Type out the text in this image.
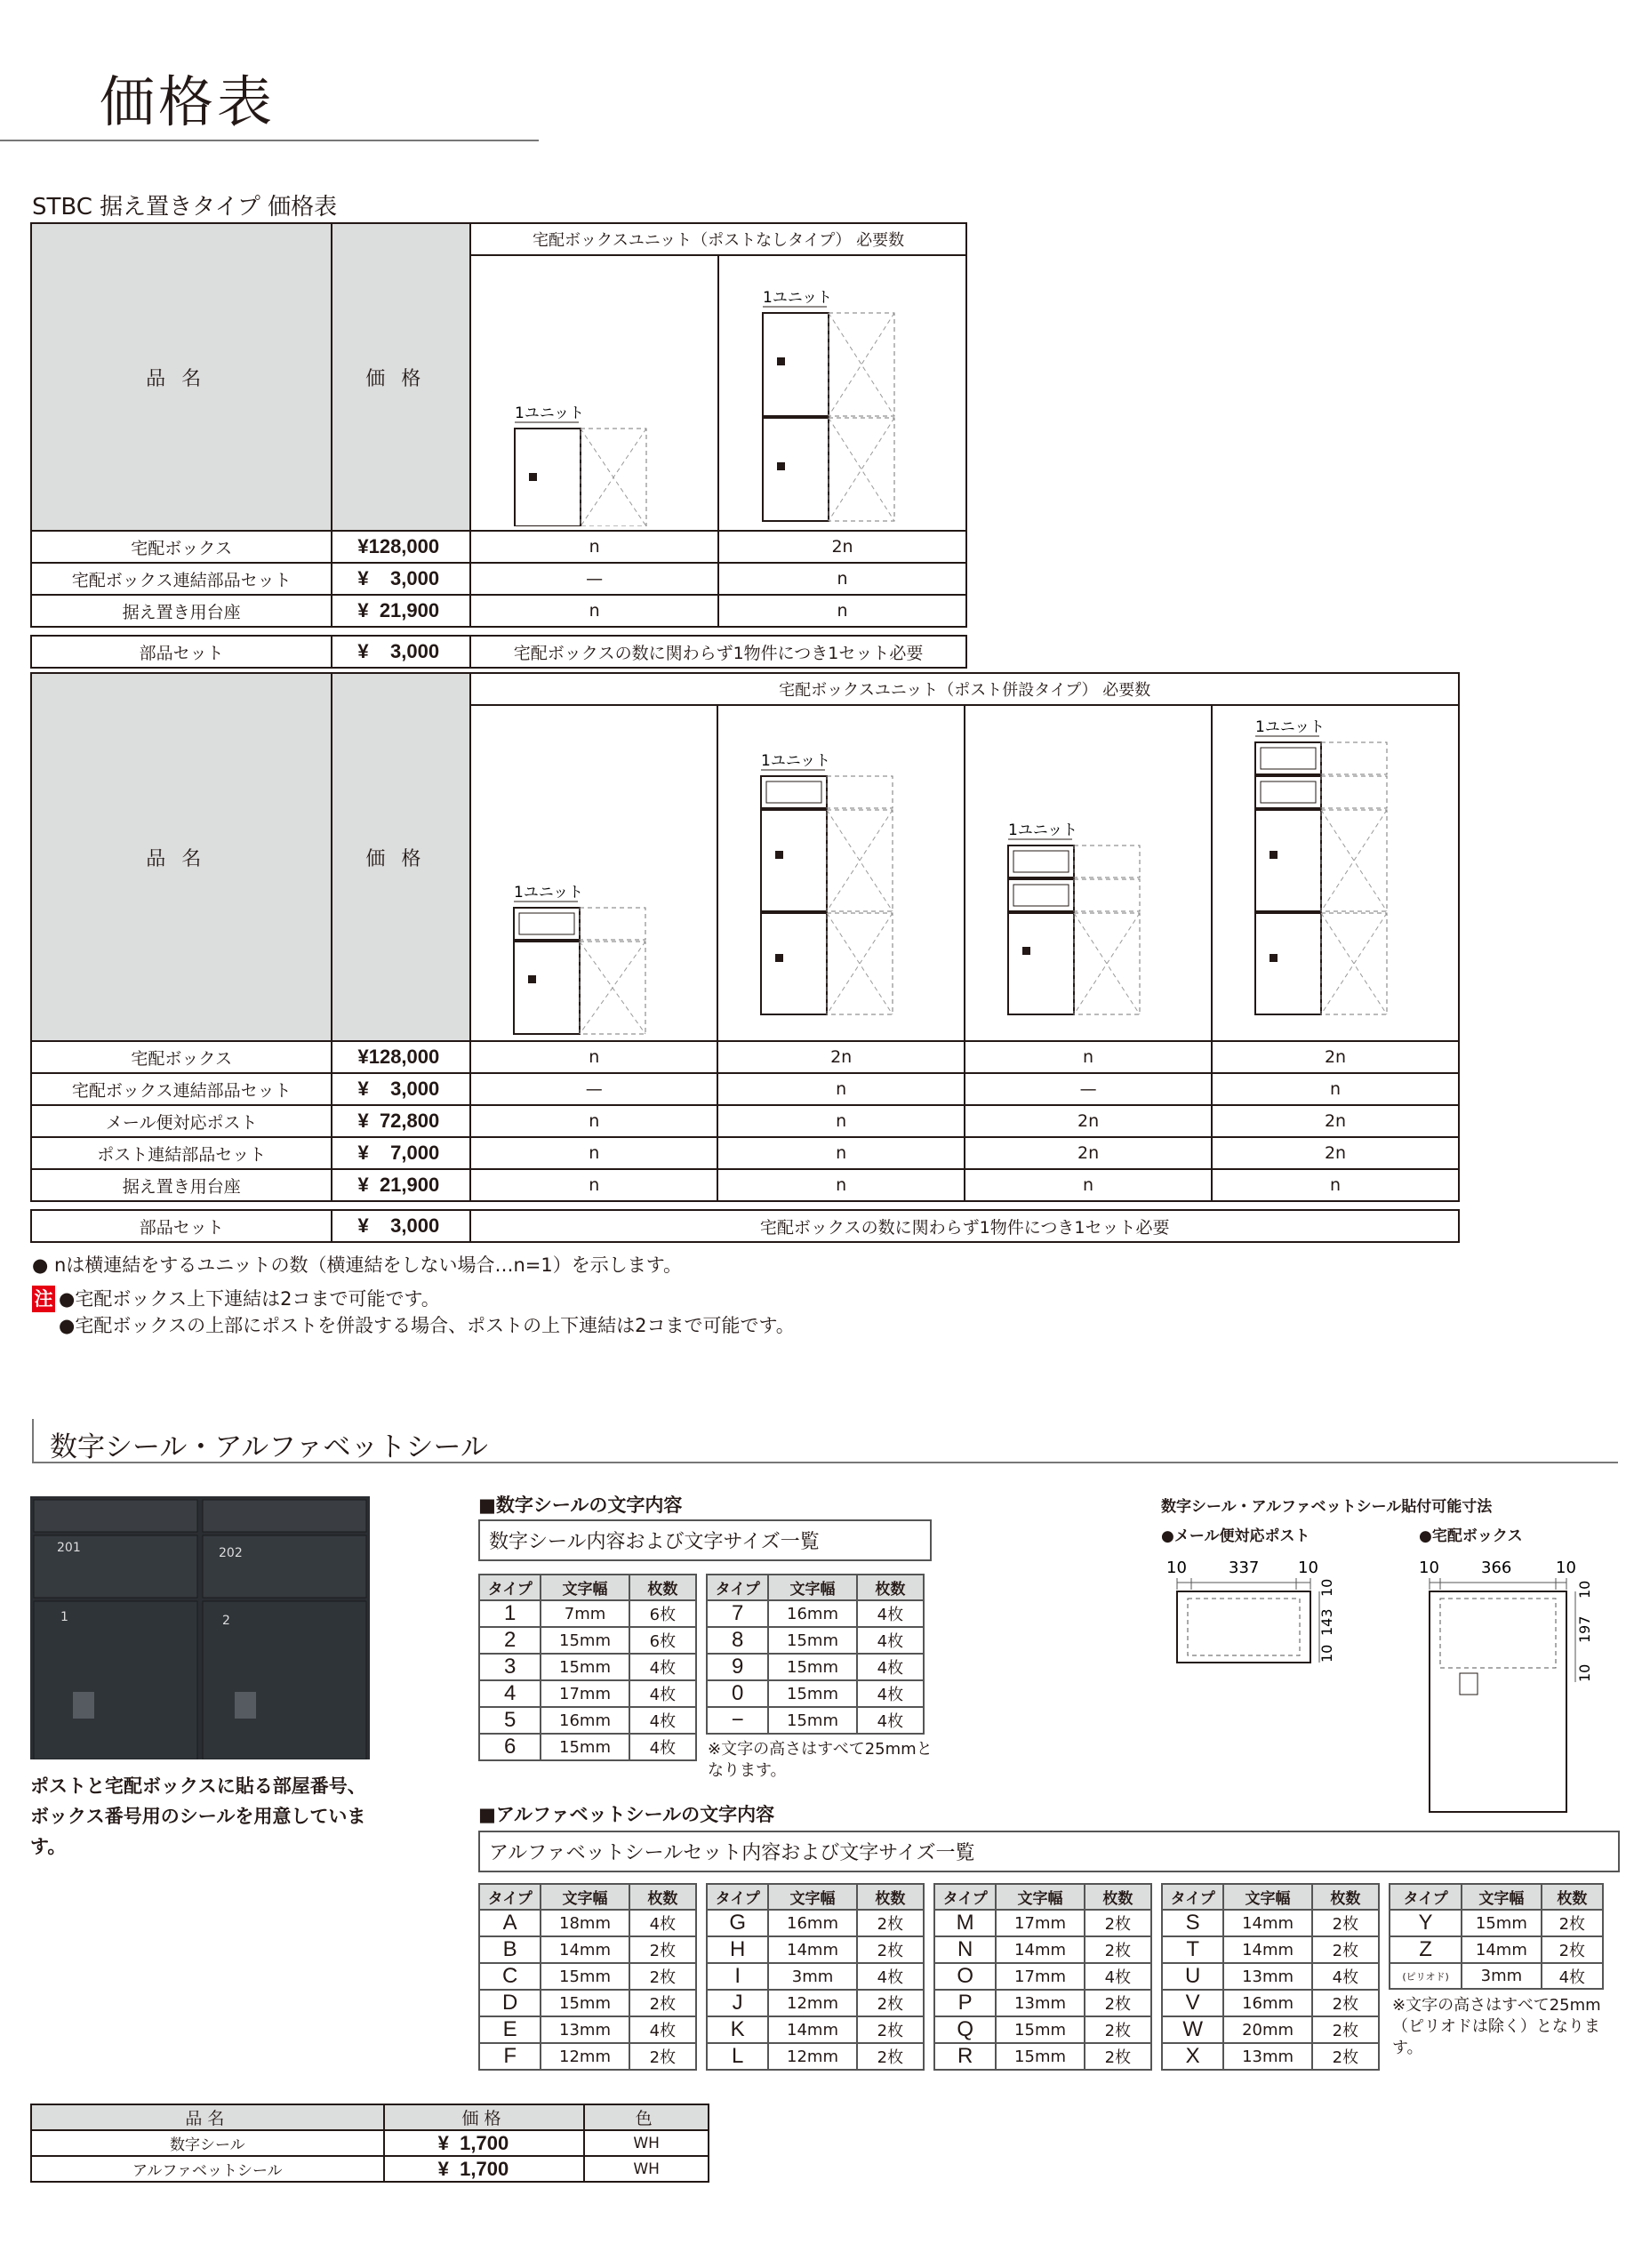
価格表
STBC 据え置きタイプ 価格表
品名	価格	宅配ボックスユニット（ポストなしタイプ） 必要数	

1ユニット	1ユニット

宅配ボックス	¥128,000	n	2n
宅配ボックス連結部品セット	¥    3,000	—	n
据え置き用台座	¥  21,900	n	n

部品セット	¥    3,000	宅配ボックスの数に関わらず1物件につき1セット必要	
品名	価格	宅配ボックスユニット（ポスト併設タイプ） 必要数			

1ユニット	1ユニット	1ユニット	1ユニット

宅配ボックス	¥128,000	n	2n	n	2n
宅配ボックス連結部品セット	¥    3,000	—	n	—	n
メール便対応ポスト	¥  72,800	n	n	2n	2n
ポスト連結部品セット	¥    7,000	n	n	2n	2n
据え置き用台座	¥  21,900	n	n	n	n

部品セット	¥    3,000	宅配ボックスの数に関わらず1物件につき1セット必要			
● nは横連結をするユニットの数（横連結をしない場合…n=1）を示します。
注 ●宅配ボックス上下連結は2コまで可能です。
●宅配ボックスの上部にポストを併設する場合、ポストの上下連結は2コまで可能です。
数字シール・アルファベットシール
201	202
1	2
ポストと宅配ボックスに貼る部屋番号、ボックス番号用のシールを用意しています。
■数字シールの文字内容
数字シール内容および文字サイズ一覧
タイプ	文字幅	枚数
1	7mm	6枚
2	15mm	6枚
3	15mm	4枚
4	17mm	4枚
5	16mm	4枚
6	15mm	4枚
タイプ	文字幅	枚数
7	16mm	4枚
8	15mm	4枚
9	15mm	4枚
0	15mm	4枚
−	15mm	4枚
※文字の高さはすべて25mmとなります。
■アルファベットシールの文字内容
アルファベットシールセット内容および文字サイズ一覧
タイプ	文字幅	枚数
A	18mm	4枚
B	14mm	2枚
C	15mm	2枚
D	15mm	2枚
E	13mm	4枚
F	12mm	2枚
タイプ	文字幅	枚数
G	16mm	2枚
H	14mm	2枚
I	3mm	4枚
J	12mm	2枚
K	14mm	2枚
L	12mm	2枚
タイプ	文字幅	枚数
M	17mm	2枚
N	14mm	2枚
O	17mm	4枚
P	13mm	2枚
Q	15mm	2枚
R	15mm	2枚
タイプ	文字幅	枚数
S	14mm	2枚
T	14mm	2枚
U	13mm	4枚
V	16mm	2枚
W	20mm	2枚
X	13mm	2枚
タイプ	文字幅	枚数
Y	15mm	2枚
Z	14mm	2枚
(ピリオド)	3mm	4枚
※文字の高さはすべて25mm（ピリオドは除く）となります。
数字シール・アルファベットシール貼付可能寸法
●メール便対応ポスト	●宅配ボックス
10	337 10
10
143
10
10	366	10
10
197
10
品名	価格	色
数字シール	¥  1,700	WH
アルファベットシール	¥  1,700	WH
